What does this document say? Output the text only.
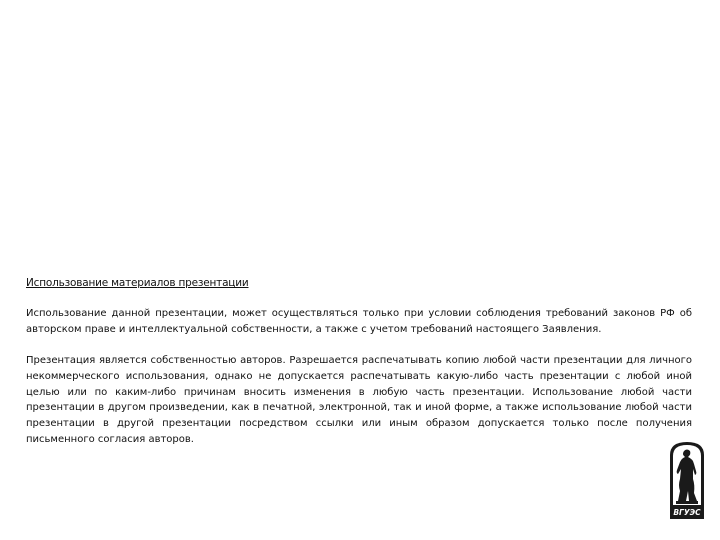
Использование материалов презентации

Использование данной презентации, может осуществляться только при условии соблюдения требований законов РФ об авторском праве и интеллектуальной собственности, а также с учетом требований настоящего Заявления.

Презентация является собственностью авторов. Разрешается распечатывать копию любой части презентации для личного некоммерческого использования, однако не допускается распечатывать какую-либо часть презентации с любой иной целью или по каким-либо причинам вносить изменения в любую часть презентации. Использование любой части презентации в другом произведении, как в печатной, электронной, так и иной форме, а также использование любой части презентации в другой презентации посредством ссылки или иным образом допускается только после получения письменного согласия авторов.

ВГУЭС
